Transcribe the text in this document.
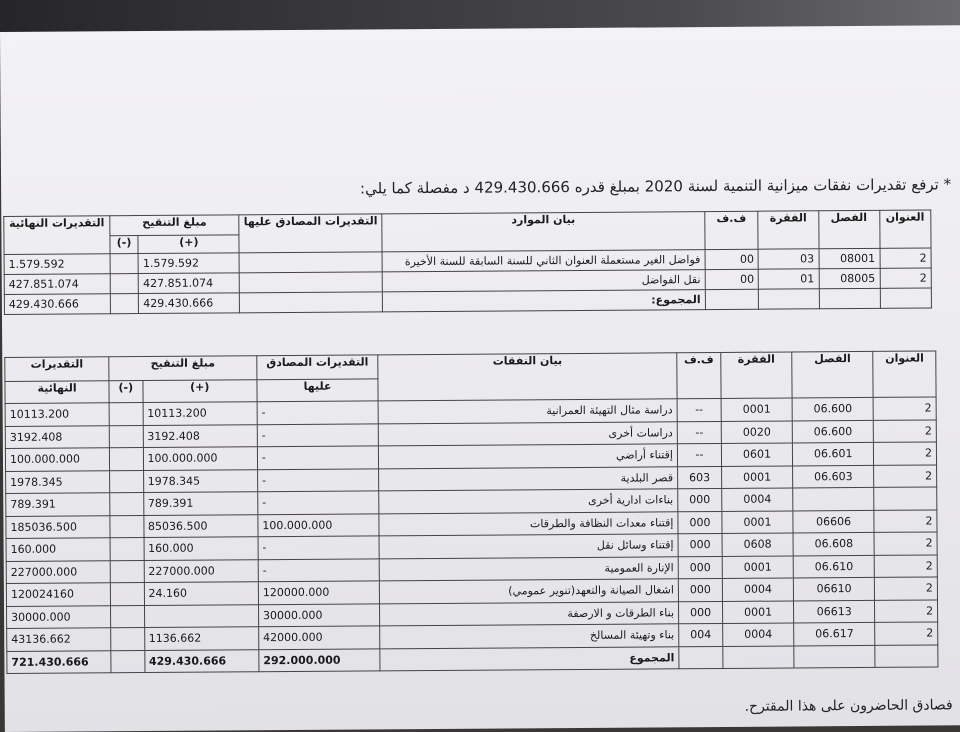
* ترفع تقديرات نفقات ميزانية التنمية لسنة 2020 بمبلغ قدره 429.430.666 د مفصلة كما يلي:
العنوان	الفصل	الفقرة	ف.ف	بيان الموارد	التقديرات المصادق عليها	مبلغ التنقيح		التقديرات النهائية
						(+)	(-)	
2	08001	03	00	فواضل الغير مستعملة العنوان الثاني للسنة السابقة للسنة الأخيرة		1.579.592		1.579.592
2	08005	01	00	نقل الفواضل		427.851.074		427.851.074
				المجموع:		429.430.666		429.430.666
العنوان	الفصل	الفقرة	ف.ف	بيان النفقات	التقديرات المصادق	مبلغ التنقيح		التقديرات
					عليها	(+)	(-)	النهائية
2	06.600	0001	--	دراسة مثال التهيئة العمرانية	-	10113.200		10113.200
2	06.600	0020	--	دراسات أخرى	-	3192.408		3192.408
2	06.601	0601	--	إقتناء أراضي	-	100.000.000		100.000.000
2	06.603	0001	603	قصر البلدية	-	1978.345		1978.345
		0004	000	بناءات ادارية أخرى	-	789.391		789.391
2	06606	0001	000	إقتناء معدات النظافة والطرقات	100.000.000	85036.500		185036.500
2	06.608	0608	000	إقتناء وسائل نقل	-	160.000		160.000
2	06.610	0001	000	الإنارة العمومية	-	227000.000		227000.000
2	06610	0004	000	اشغال الصيانة والتعهد(تنوير عمومي)	120000.000	24.160		120024160
2	06613	0001	000	بناء الطرقات و الارصفة	30000.000			30000.000
2	06.617	0004	004	بناء وتهيئة المسالخ	42000.000	1136.662		43136.662
				المجموع	292.000.000	429.430.666		721.430.666
فصادق الحاضرون على هذا المقترح.
